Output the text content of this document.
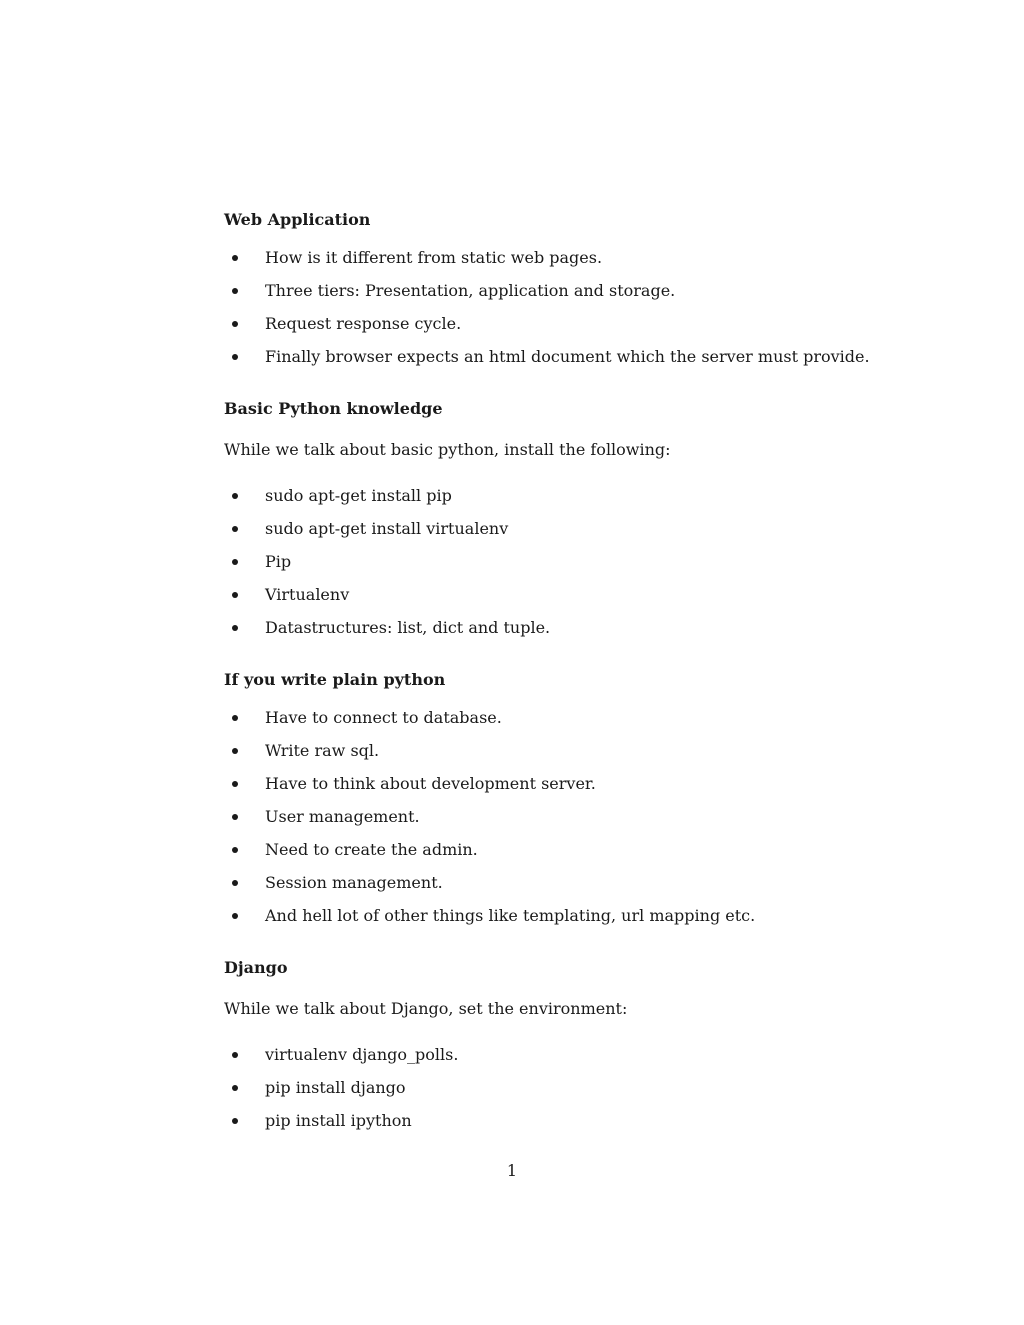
Web Application
How is it different from static web pages.
Three tiers: Presentation, application and storage.
Request response cycle.
Finally browser expects an html document which the server must provide.
Basic Python knowledge
While we talk about basic python, install the following:
sudo apt-get install pip
sudo apt-get install virtualenv
Pip
Virtualenv
Datastructures: list, dict and tuple.
If you write plain python
Have to connect to database.
Write raw sql.
Have to think about development server.
User management.
Need to create the admin.
Session management.
And hell lot of other things like templating, url mapping etc.
Django
While we talk about Django, set the environment:
virtualenv django_polls.
pip install django
pip install ipython
1
